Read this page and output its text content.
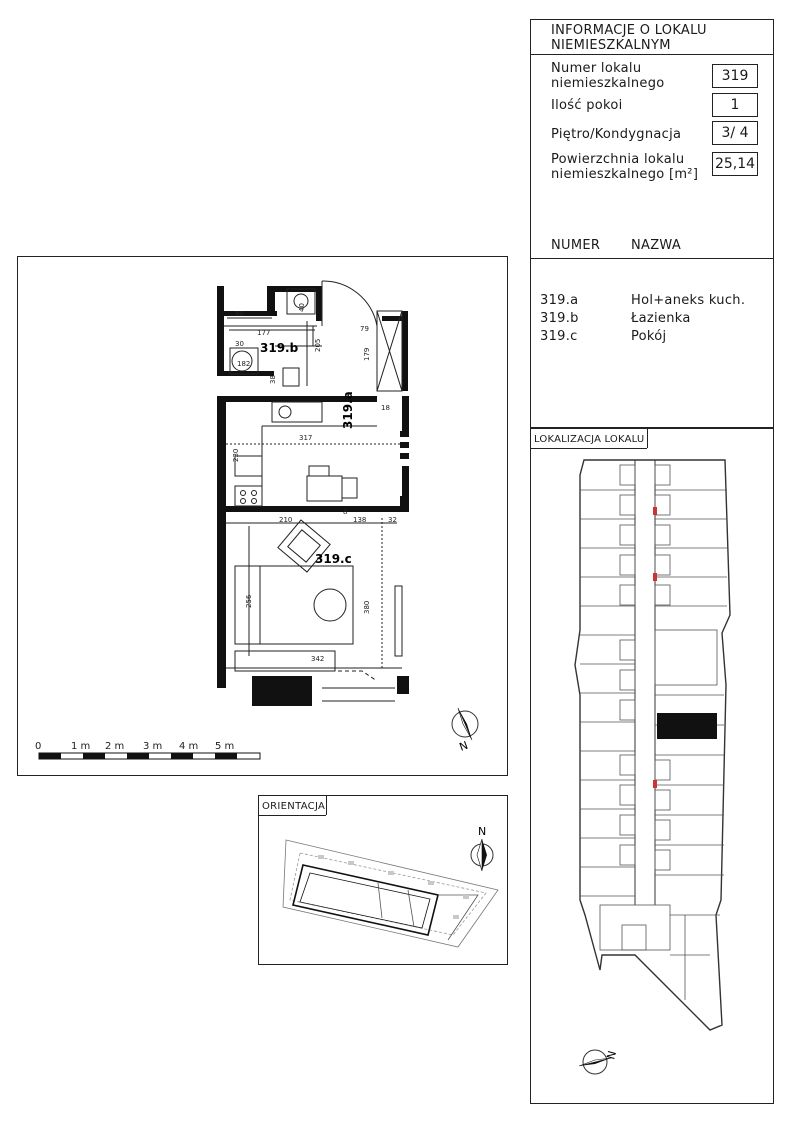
INFORMACJE O LOKALU
NIEMIESZKALNYM
Numer lokalu
niemieszkalnego	319
Ilość pokoi	1
Piętro/Kondygnacja	3/ 4
Powierzchnia lokalu
niemieszkalnego [m²]
25,14
NUMER NAZWA
319.a	Hol+aneks kuch.
319.b	Łazienka
319.c	Pokój
LOKALIZACJA LOKALU
N
319.b
319.a
319.c
98
40
177
30	205
79
179
182
38
18
317
230
210	138	32
8
256	380
342
0	1 m 2 m 3 m 4 m 5 m	N
ORIENTACJA
N
